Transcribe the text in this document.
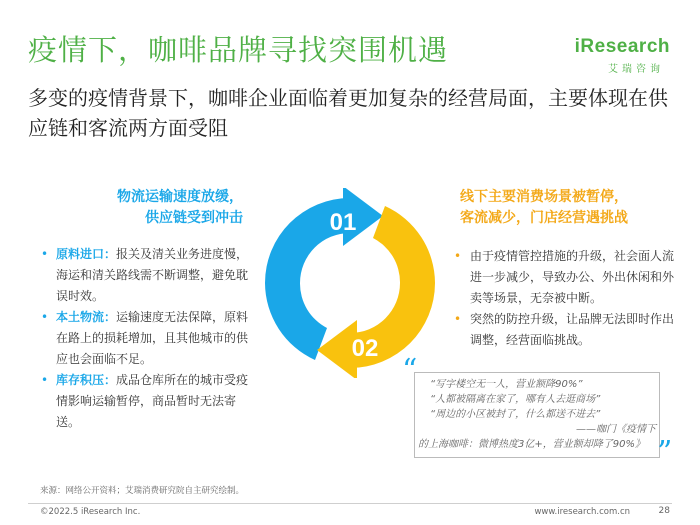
疫情下，咖啡品牌寻找突围机遇	iResearch
艾瑞咨询
多变的疫情背景下，咖啡企业面临着更加复杂的经营局面，主要体现在供应链和客流两方面受阻
物流运输速度放缓，
供应链受到冲击
线下主要消费场景被暂停，
客流减少，门店经营遇挑战
01
02
• 原料进口：报关及清关业务进度慢，海运和清关路线需不断调整，避免耽误时效。
• 本土物流：运输速度无法保障，原料在路上的损耗增加，且其他城市的供应也会面临不足。
• 库存积压：成品仓库所在的城市受疫情影响运输暂停，商品暂时无法寄送。
• 由于疫情管控措施的升级，社会面人流进一步减少，导致办公、外出休闲和外卖等场景，无奈被中断。
• 突然的防控升级，让品牌无法即时作出调整，经营面临挑战。
“
”
“写字楼空无一人，营业额降90%”
“人都被隔离在家了，哪有人去逛商场”
“周边的小区被封了，什么都送不进去”
——咖门《疫情下
的上海咖啡：微博热度3亿+，营业额却降了90%》
来源：网络公开资料；艾瑞消费研究院自主研究绘制。
©2022.5 iResearch Inc.	www.iresearch.com.cn	28
